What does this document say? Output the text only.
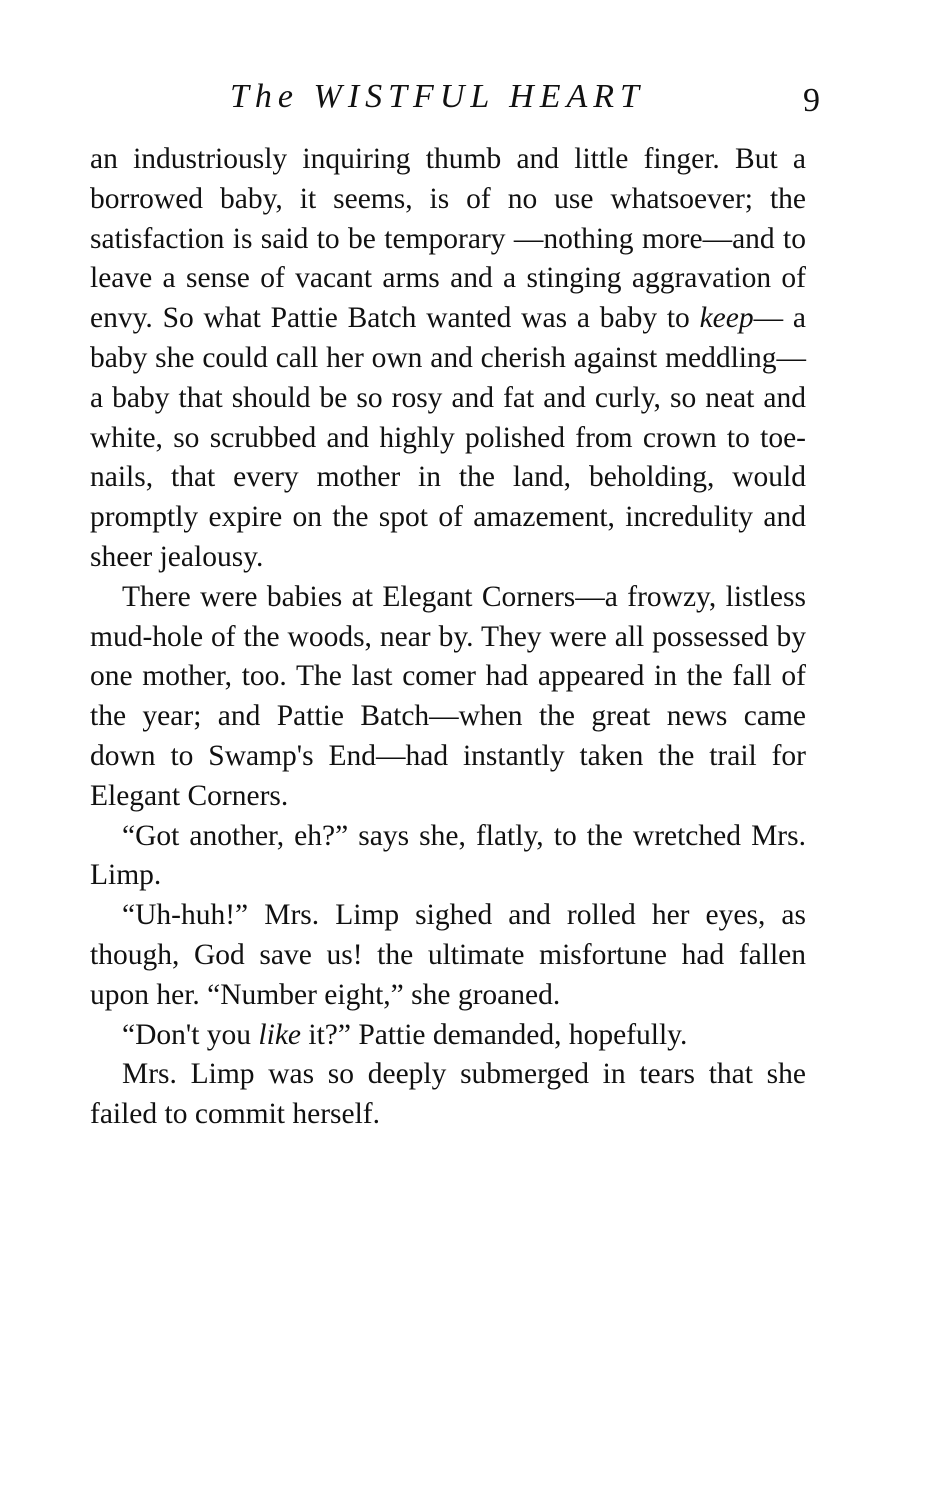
The WISTFUL HEART	9

an industriously inquiring thumb and little finger. But a borrowed baby, it seems, is of no use whatsoever; the satisfaction is said to be temporary —nothing more—and to leave a sense of vacant arms and a stinging aggravation of envy. So what Pattie Batch wanted was a baby to keep— a baby she could call her own and cherish against meddling—a baby that should be so rosy and fat and curly, so neat and white, so scrubbed and highly polished from crown to toe-nails, that every mother in the land, beholding, would promptly expire on the spot of amazement, incredulity and sheer jealousy.

There were babies at Elegant Corners—a frowzy, listless mud-hole of the woods, near by. They were all possessed by one mother, too. The last comer had appeared in the fall of the year; and Pattie Batch—when the great news came down to Swamp's End—had instantly taken the trail for Elegant Corners.

“Got another, eh?” says she, flatly, to the wretched Mrs. Limp.

“Uh-huh!” Mrs. Limp sighed and rolled her eyes, as though, God save us! the ultimate misfortune had fallen upon her. “Number eight,” she groaned.

“Don't you like it?” Pattie demanded, hopefully.

Mrs. Limp was so deeply submerged in tears that she failed to commit herself.
